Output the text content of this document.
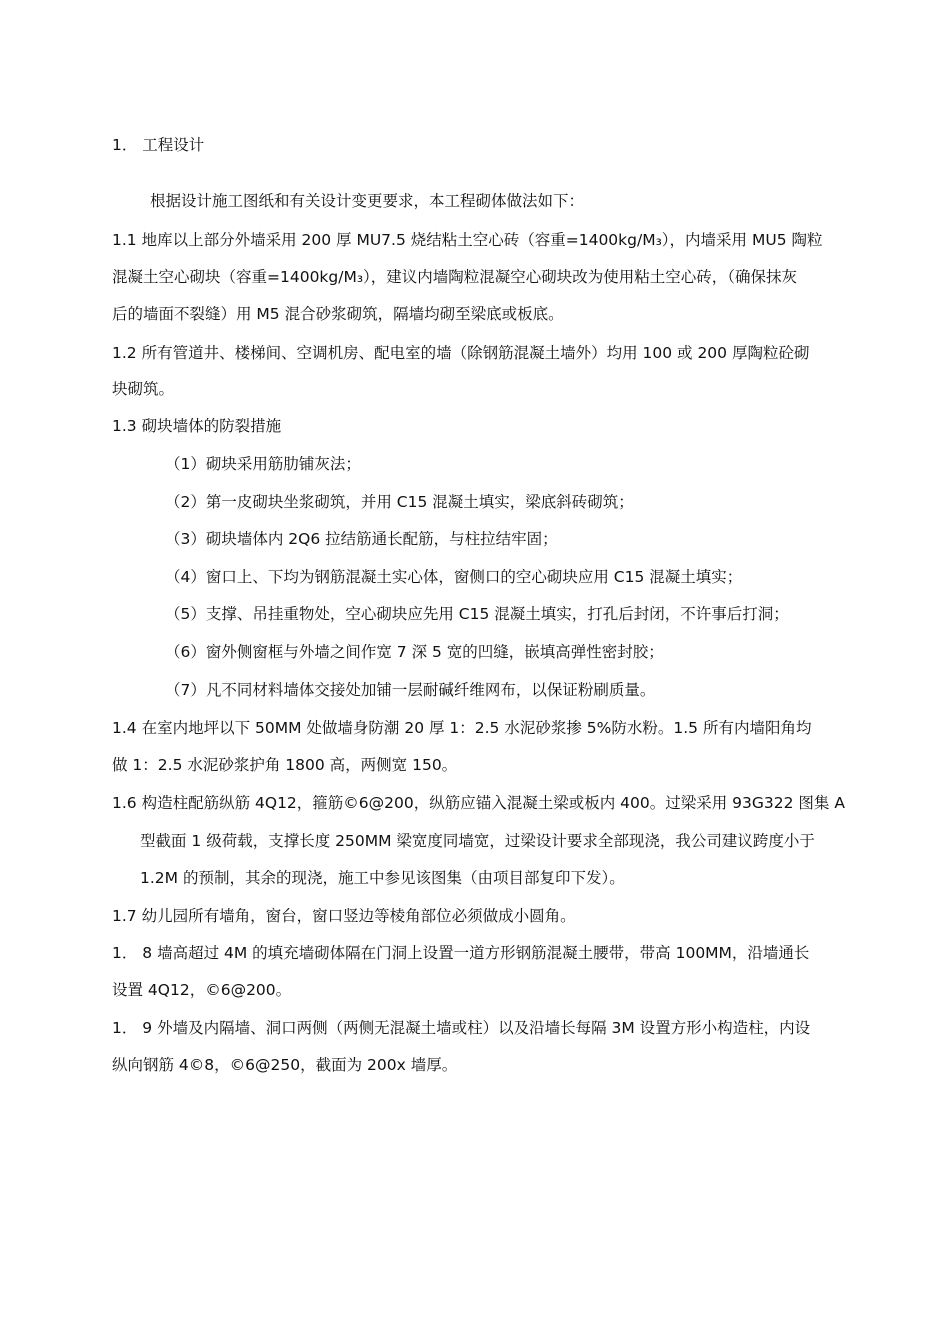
1． 工程设计
根据设计施工图纸和有关设计变更要求，本工程砌体做法如下：
1.1 地库以上部分外墙采用 200 厚 MU7.5 烧结粘土空心砖（容重=1400kg/M₃），内墙采用 MU5 陶粒
混凝土空心砌块（容重=1400kg/M₃），建议内墙陶粒混凝空心砌块改为使用粘土空心砖，（确保抹灰
后的墙面不裂缝）用 M5 混合砂浆砌筑，隔墙均砌至梁底或板底。
1.2 所有管道井、楼梯间、空调机房、配电室的墙（除钢筋混凝土墙外）均用 100 或 200 厚陶粒砼砌
块砌筑。
1.3 砌块墙体的防裂措施
（1）砌块采用筋肋铺灰法；
（2）第一皮砌块坐浆砌筑，并用 C15 混凝土填实，梁底斜砖砌筑；
（3）砌块墙体内 2Q6 拉结筋通长配筋，与柱拉结牢固；
（4）窗口上、下均为钢筋混凝土实心体，窗侧口的空心砌块应用 C15 混凝土填实；
（5）支撑、吊挂重物处，空心砌块应先用 C15 混凝土填实，打孔后封闭，不许事后打洞；
（6）窗外侧窗框与外墙之间作宽 7 深 5 宽的凹缝，嵌填高弹性密封胶；
（7）凡不同材料墙体交接处加铺一层耐碱纤维网布，以保证粉刷质量。
1.4 在室内地坪以下 50MM 处做墙身防潮 20 厚 1：2.5 水泥砂浆掺 5%防水粉。1.5 所有内墙阳角均
做 1：2.5 水泥砂浆护角 1800 高，两侧宽 150。
1.6 构造柱配筋纵筋 4Q12，箍筋©6@200，纵筋应锚入混凝土梁或板内 400。过梁采用 93G322 图集 A
型截面 1 级荷载，支撑长度 250MM 梁宽度同墙宽，过梁设计要求全部现浇，我公司建议跨度小于
1.2M 的预制，其余的现浇，施工中参见该图集（由项目部复印下发）。
1.7 幼儿园所有墙角，窗台，窗口竖边等棱角部位必须做成小圆角。
1． 8 墙高超过 4M 的填充墙砌体隔在门洞上设置一道方形钢筋混凝土腰带，带高 100MM，沿墙通长
设置 4Q12，©6@200。
1． 9 外墙及内隔墙、洞口两侧（两侧无混凝土墙或柱）以及沿墙长每隔 3M 设置方形小构造柱，内设
纵向钢筋 4©8，©6@250，截面为 200x 墙厚。
